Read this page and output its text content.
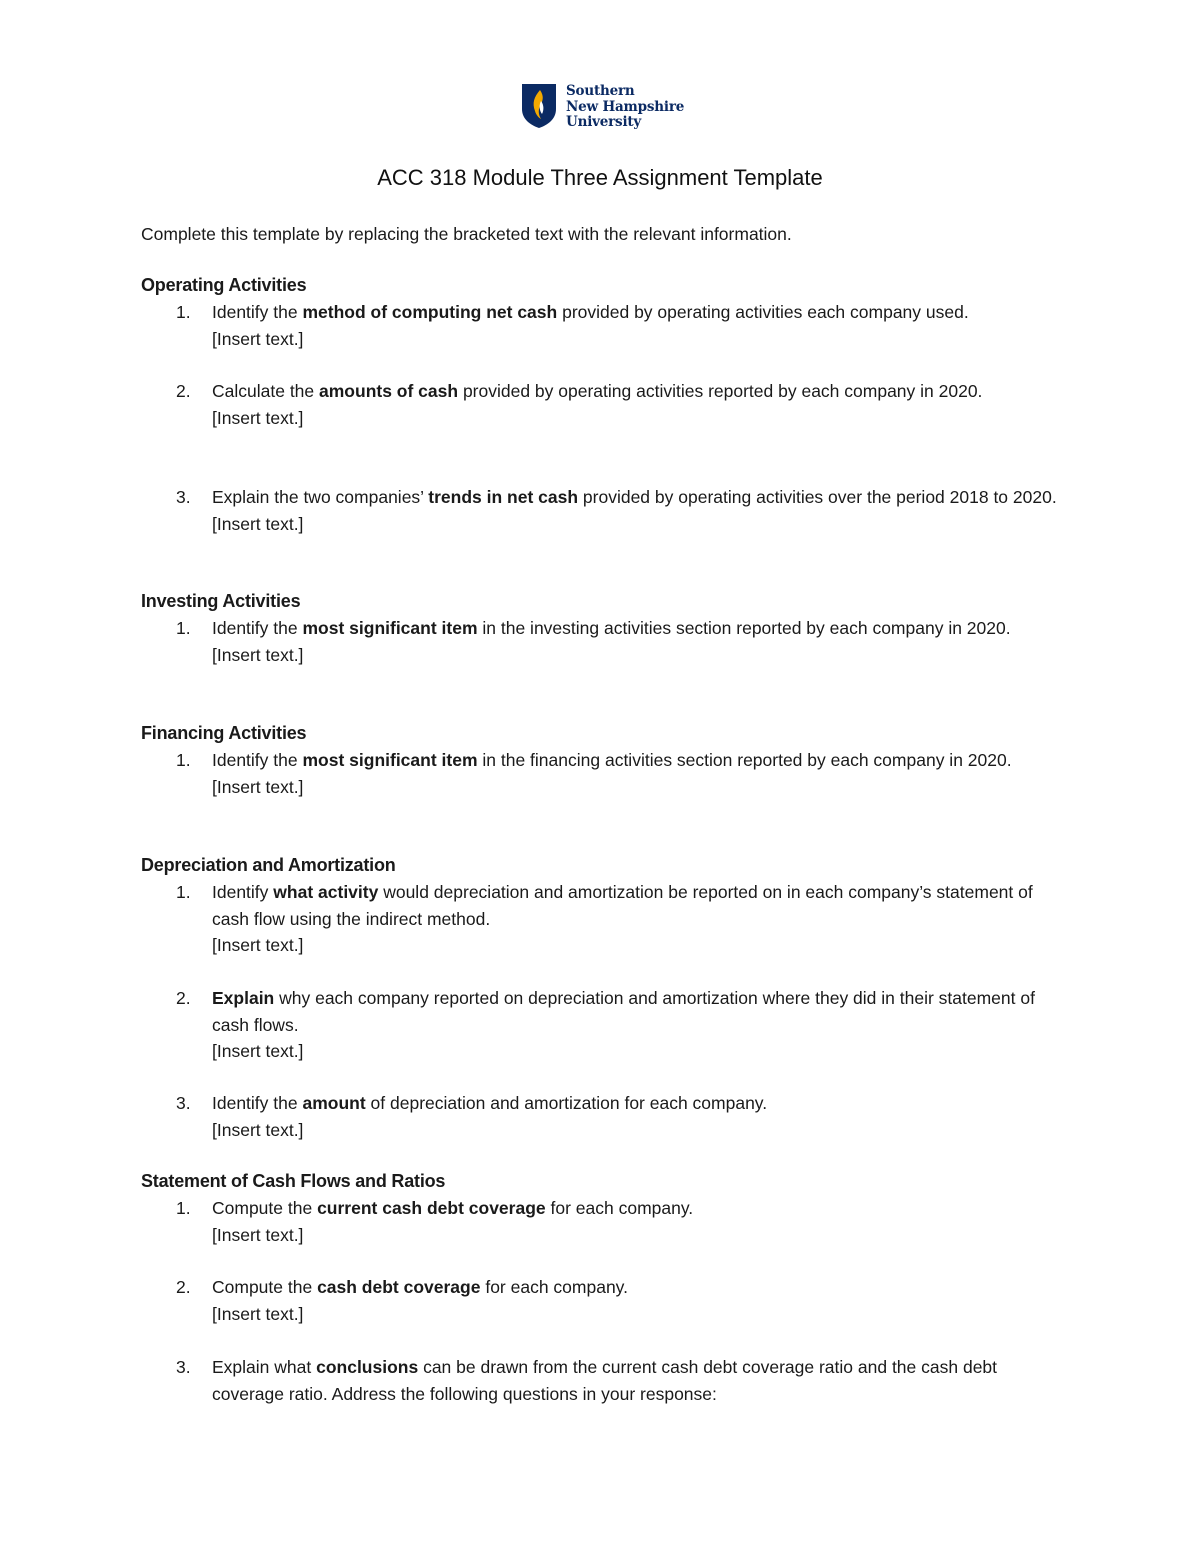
Southern
New Hampshire
University
ACC 318 Module Three Assignment Template
Complete this template by replacing the bracketed text with the relevant information.
Operating Activities
1.	Identify the method of computing net cash provided by operating activities each company used.
[Insert text.]
2.	Calculate the amounts of cash provided by operating activities reported by each company in 2020.
[Insert text.]
3.	Explain the two companies’ trends in net cash provided by operating activities over the period 2018 to 2020.
[Insert text.]
Investing Activities
1.	Identify the most significant item in the investing activities section reported by each company in 2020.
[Insert text.]
Financing Activities
1.	Identify the most significant item in the financing activities section reported by each company in 2020.
[Insert text.]
Depreciation and Amortization
1.	Identify what activity would depreciation and amortization be reported on in each company’s statement of cash flow using the indirect method.
[Insert text.]
2.	Explain why each company reported on depreciation and amortization where they did in their statement of cash flows.
[Insert text.]
3.	Identify the amount of depreciation and amortization for each company.
[Insert text.]
Statement of Cash Flows and Ratios
1.	Compute the current cash debt coverage for each company.
[Insert text.]
2.	Compute the cash debt coverage for each company.
[Insert text.]
3.	Explain what conclusions can be drawn from the current cash debt coverage ratio and the cash debt coverage ratio. Address the following questions in your response:
